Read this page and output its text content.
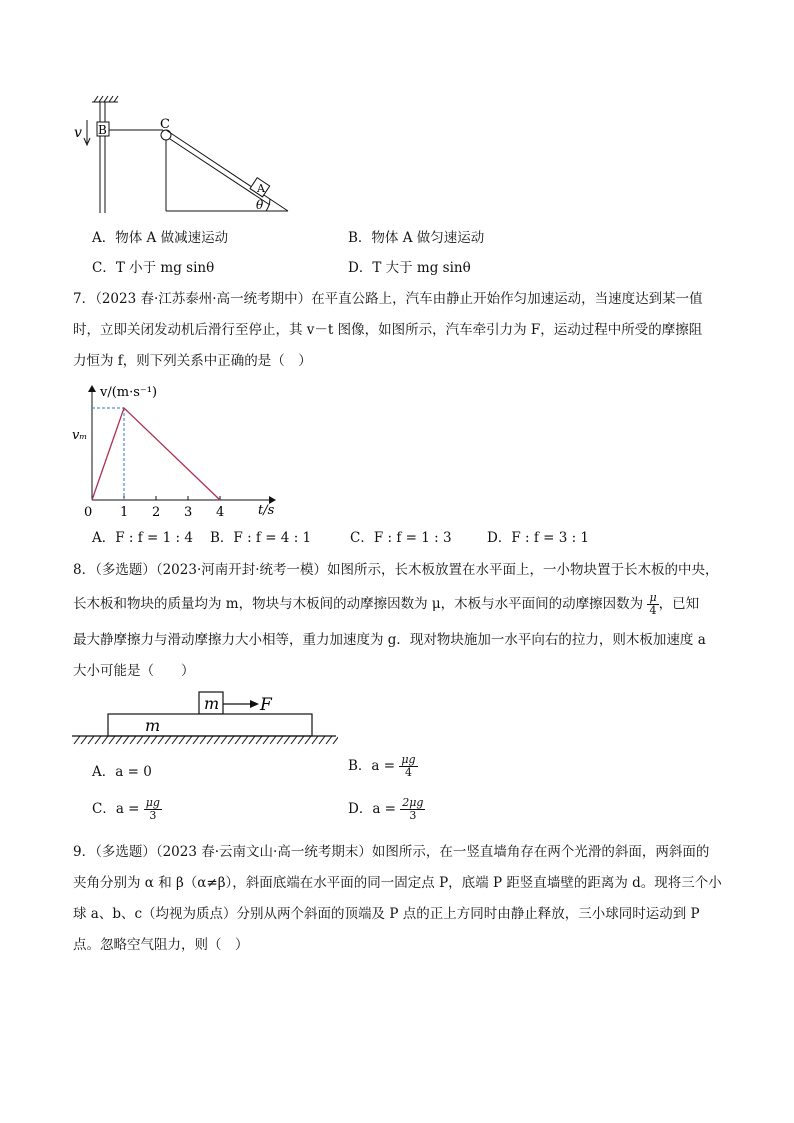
v B	C
A
θ
A．物体 A 做减速运动	B．物体 A 做匀速运动
C．T 小于 mg sinθ	D．T 大于 mg sinθ
7．（2023 春·江苏泰州·高一统考期中）在平直公路上，汽车由静止开始作匀加速运动，当速度达到某一值
时，立即关闭发动机后滑行至停止，其 v－t 图像，如图所示，汽车牵引力为 F，运动过程中所受的摩擦阻
力恒为 f，则下列关系中正确的是（　）
v/(m·s⁻¹)
t/s
vₘ
0 1 2 3 4
A．F : f = 1 : 4 B．F : f = 4 : 1	C．F : f = 1 : 3	D．F : f = 3 : 1
8．（多选题）（2023·河南开封·统考一模）如图所示，长木板放置在水平面上，一小物块置于长木板的中央，
长木板和物块的质量均为 m，物块与木板间的动摩擦因数为 μ，木板与水平面间的动摩擦因数为 $\frac{\mu}{4}$ ，已知
最大静摩擦力与滑动摩擦力大小相等，重力加速度为 g．现对物块施加一水平向右的拉力，则木板加速度 a
大小可能是（　　）
m
m
F
A．a = 0	B．$a = \frac{\mu g}{4}$
C．$a = \frac{\mu g}{3}$	D．$a = \frac{2\mu g}{3}$
9．（多选题）（2023 春·云南文山·高一统考期末）如图所示，在一竖直墙角存在两个光滑的斜面，两斜面的
夹角分别为 α 和 β（α≠β），斜面底端在水平面的同一固定点 P，底端 P 距竖直墙壁的距离为 d。现将三个小
球 a、b、c（均视为质点）分别从两个斜面的顶端及 P 点的正上方同时由静止释放，三小球同时运动到 P
点。忽略空气阻力，则（　）
